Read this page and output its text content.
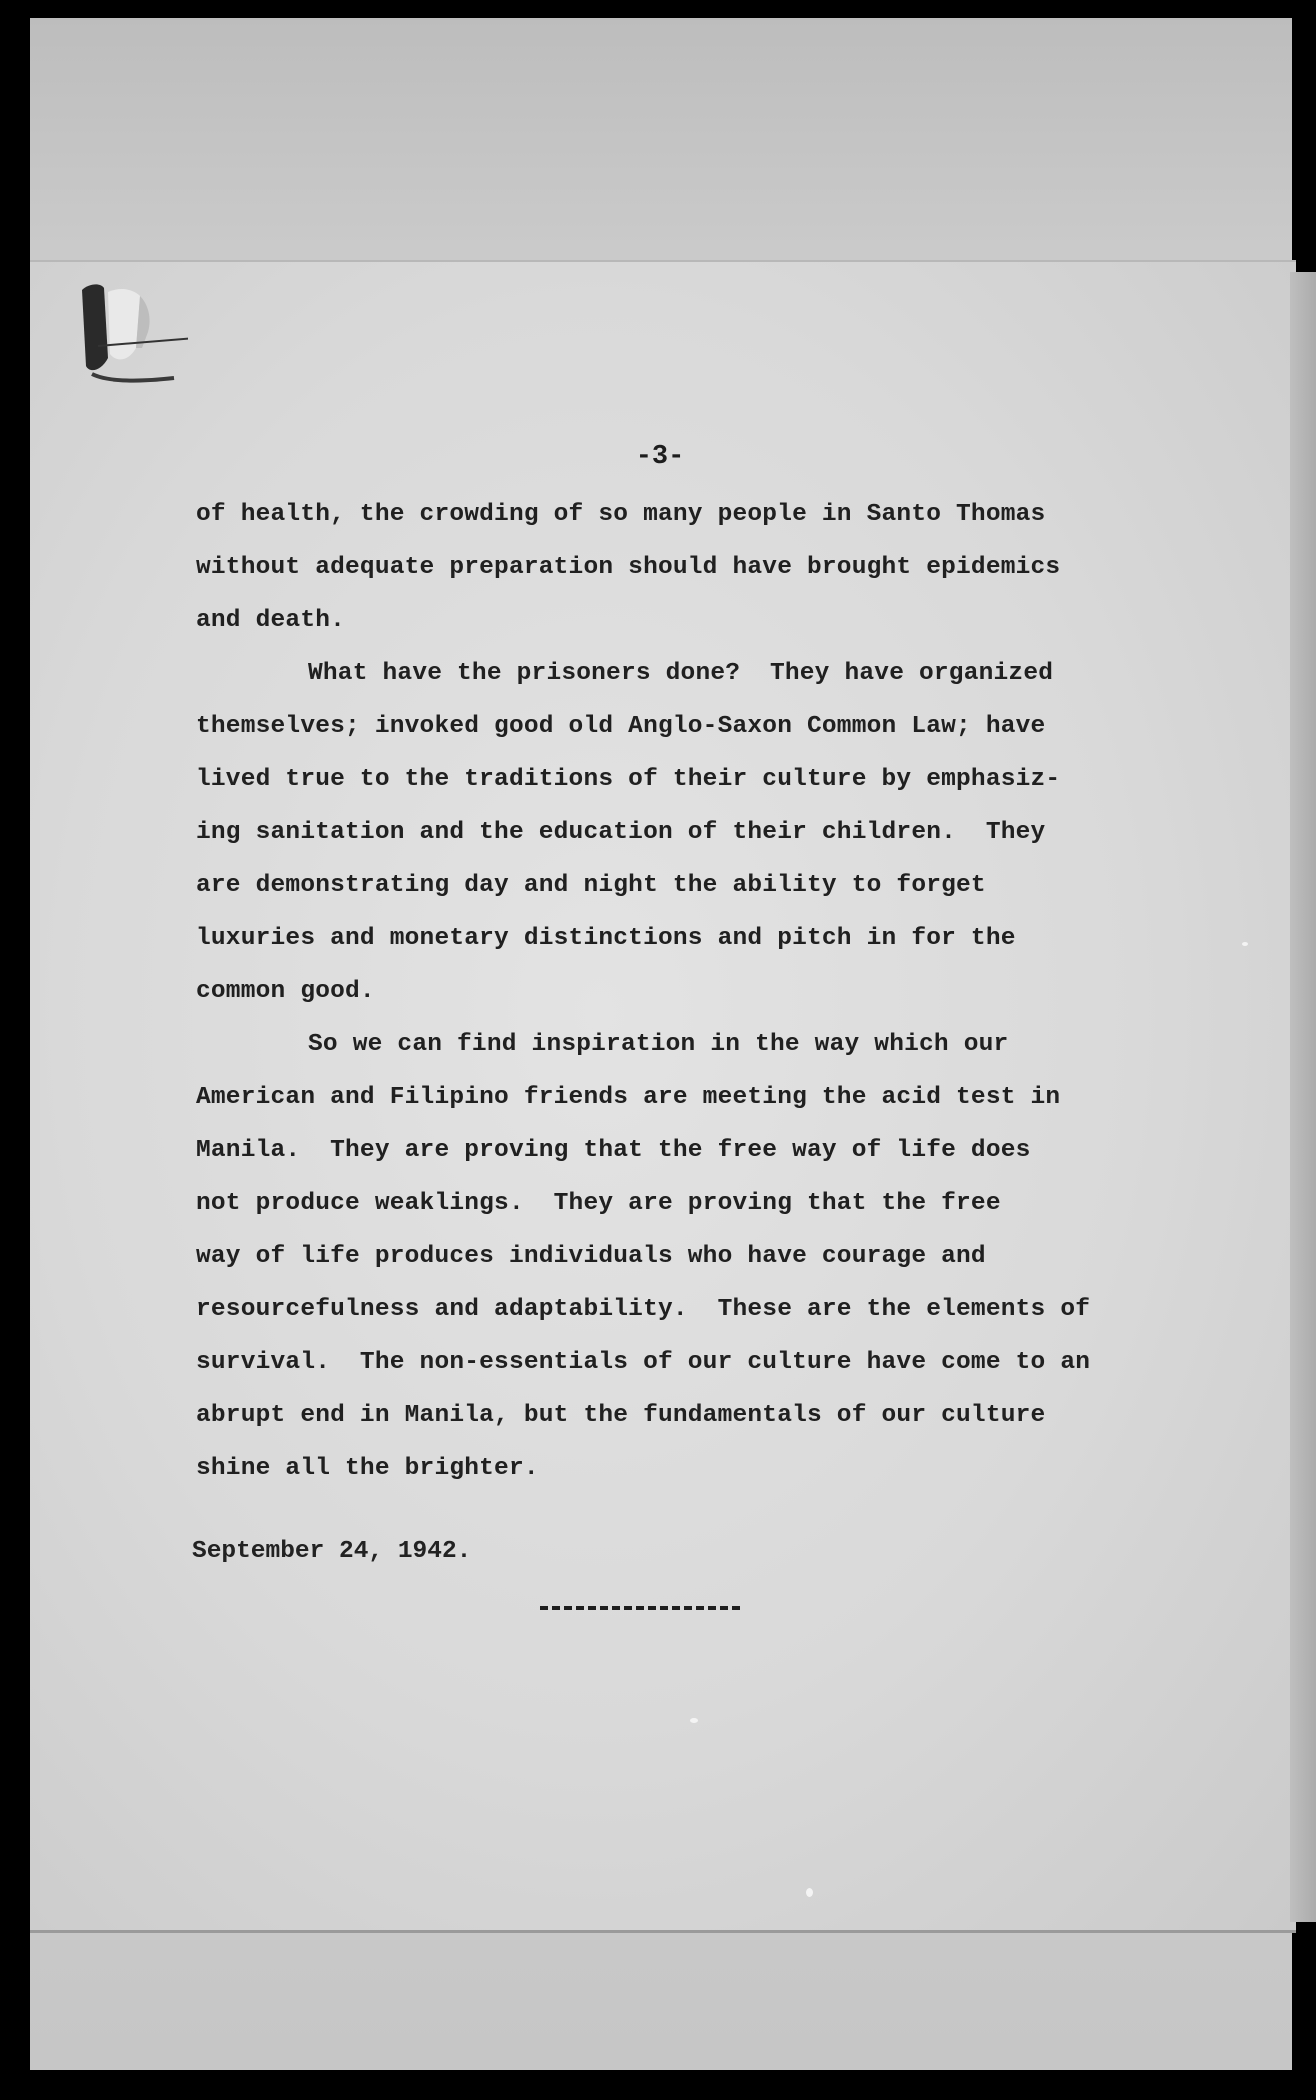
-3-
of health, the crowding of so many people in Santo Thomas
without adequate preparation should have brought epidemics
and death.
What have the prisoners done?  They have organized
themselves; invoked good old Anglo-Saxon Common Law; have
lived true to the traditions of their culture by emphasiz-
ing sanitation and the education of their children.  They
are demonstrating day and night the ability to forget
luxuries and monetary distinctions and pitch in for the
common good.
So we can find inspiration in the way which our
American and Filipino friends are meeting the acid test in
Manila.  They are proving that the free way of life does
not produce weaklings.  They are proving that the free
way of life produces individuals who have courage and
resourcefulness and adaptability.  These are the elements of
survival.  The non-essentials of our culture have come to an
abrupt end in Manila, but the fundamentals of our culture
shine all the brighter.
September 24, 1942.
